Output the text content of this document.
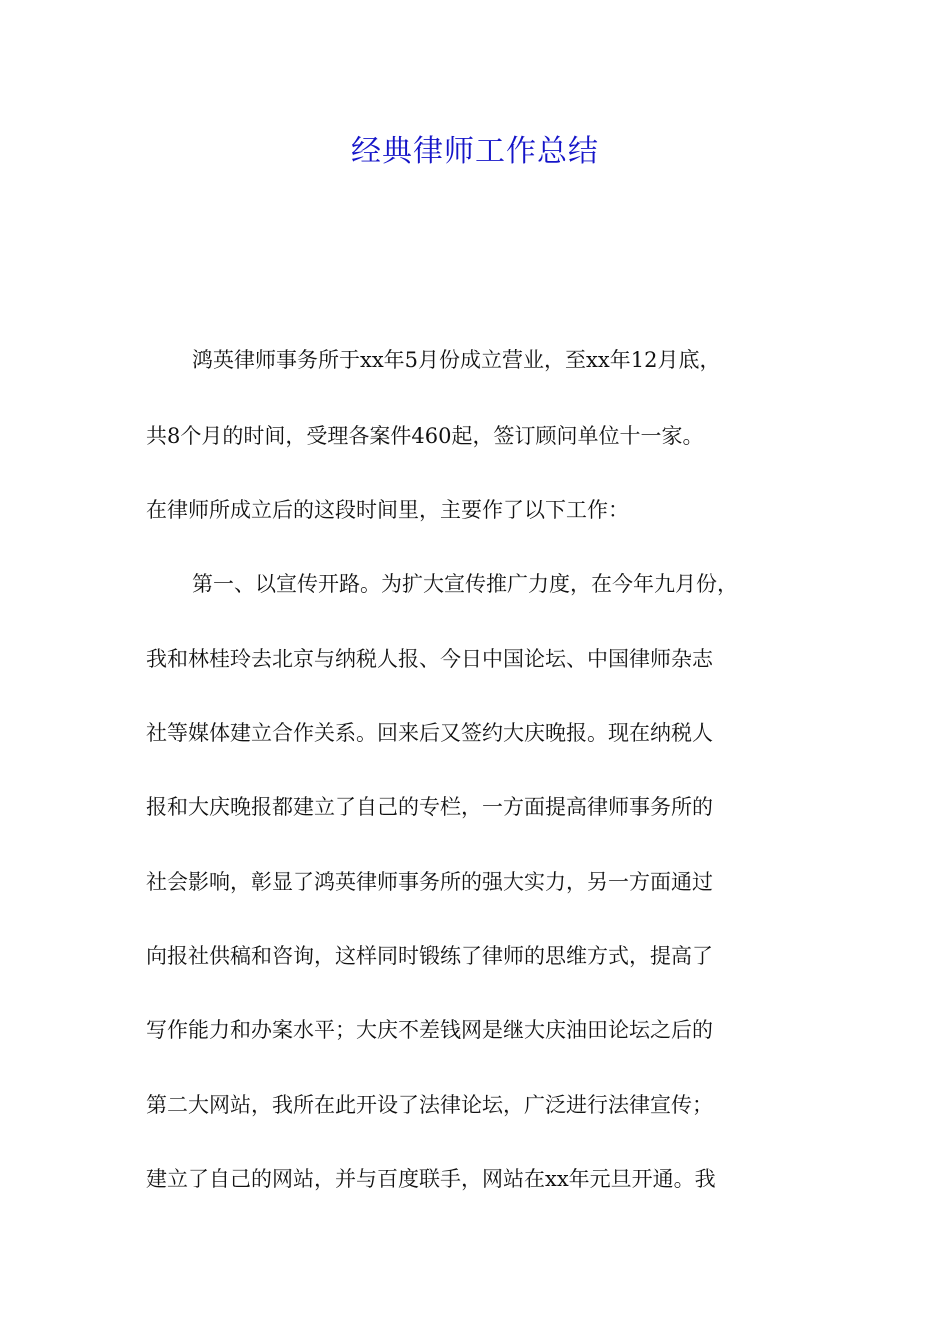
经典律师工作总结
鸿英律师事务所于xx年5月份成立营业，至xx年12月底，
共8个月的时间，受理各案件460起，签订顾问单位十一家。
在律师所成立后的这段时间里，主要作了以下工作：
第一、以宣传开路。为扩大宣传推广力度，在今年九月份，
我和林桂玲去北京与纳税人报、今日中国论坛、中国律师杂志
社等媒体建立合作关系。回来后又签约大庆晚报。现在纳税人
报和大庆晚报都建立了自己的专栏，一方面提高律师事务所的
社会影响，彰显了鸿英律师事务所的强大实力，另一方面通过
向报社供稿和咨询，这样同时锻练了律师的思维方式，提高了
写作能力和办案水平；大庆不差钱网是继大庆油田论坛之后的
第二大网站，我所在此开设了法律论坛，广泛进行法律宣传；
建立了自己的网站，并与百度联手，网站在xx年元旦开通。我
